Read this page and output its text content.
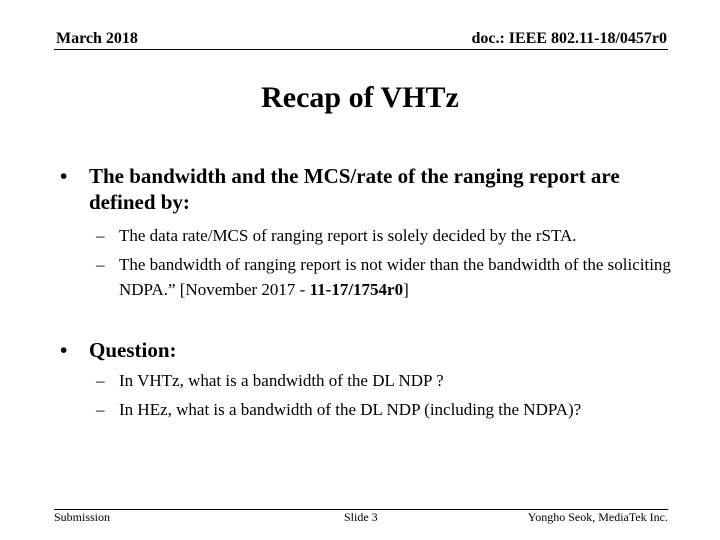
March 2018	doc.: IEEE 802.11-18/0457r0
Recap of VHTz
•	The bandwidth and the MCS/rate of the ranging report are defined by:
– The data rate/MCS of ranging report is solely decided by the rSTA.
– The bandwidth of ranging report is not wider than the bandwidth of the soliciting NDPA.” [November 2017 - 11-17/1754r0]
•	Question:
– In VHTz, what is a bandwidth of the DL NDP ?
– In HEz, what is a bandwidth of the DL NDP (including the NDPA)?
Submission	Slide 3	Yongho Seok, MediaTek Inc.
